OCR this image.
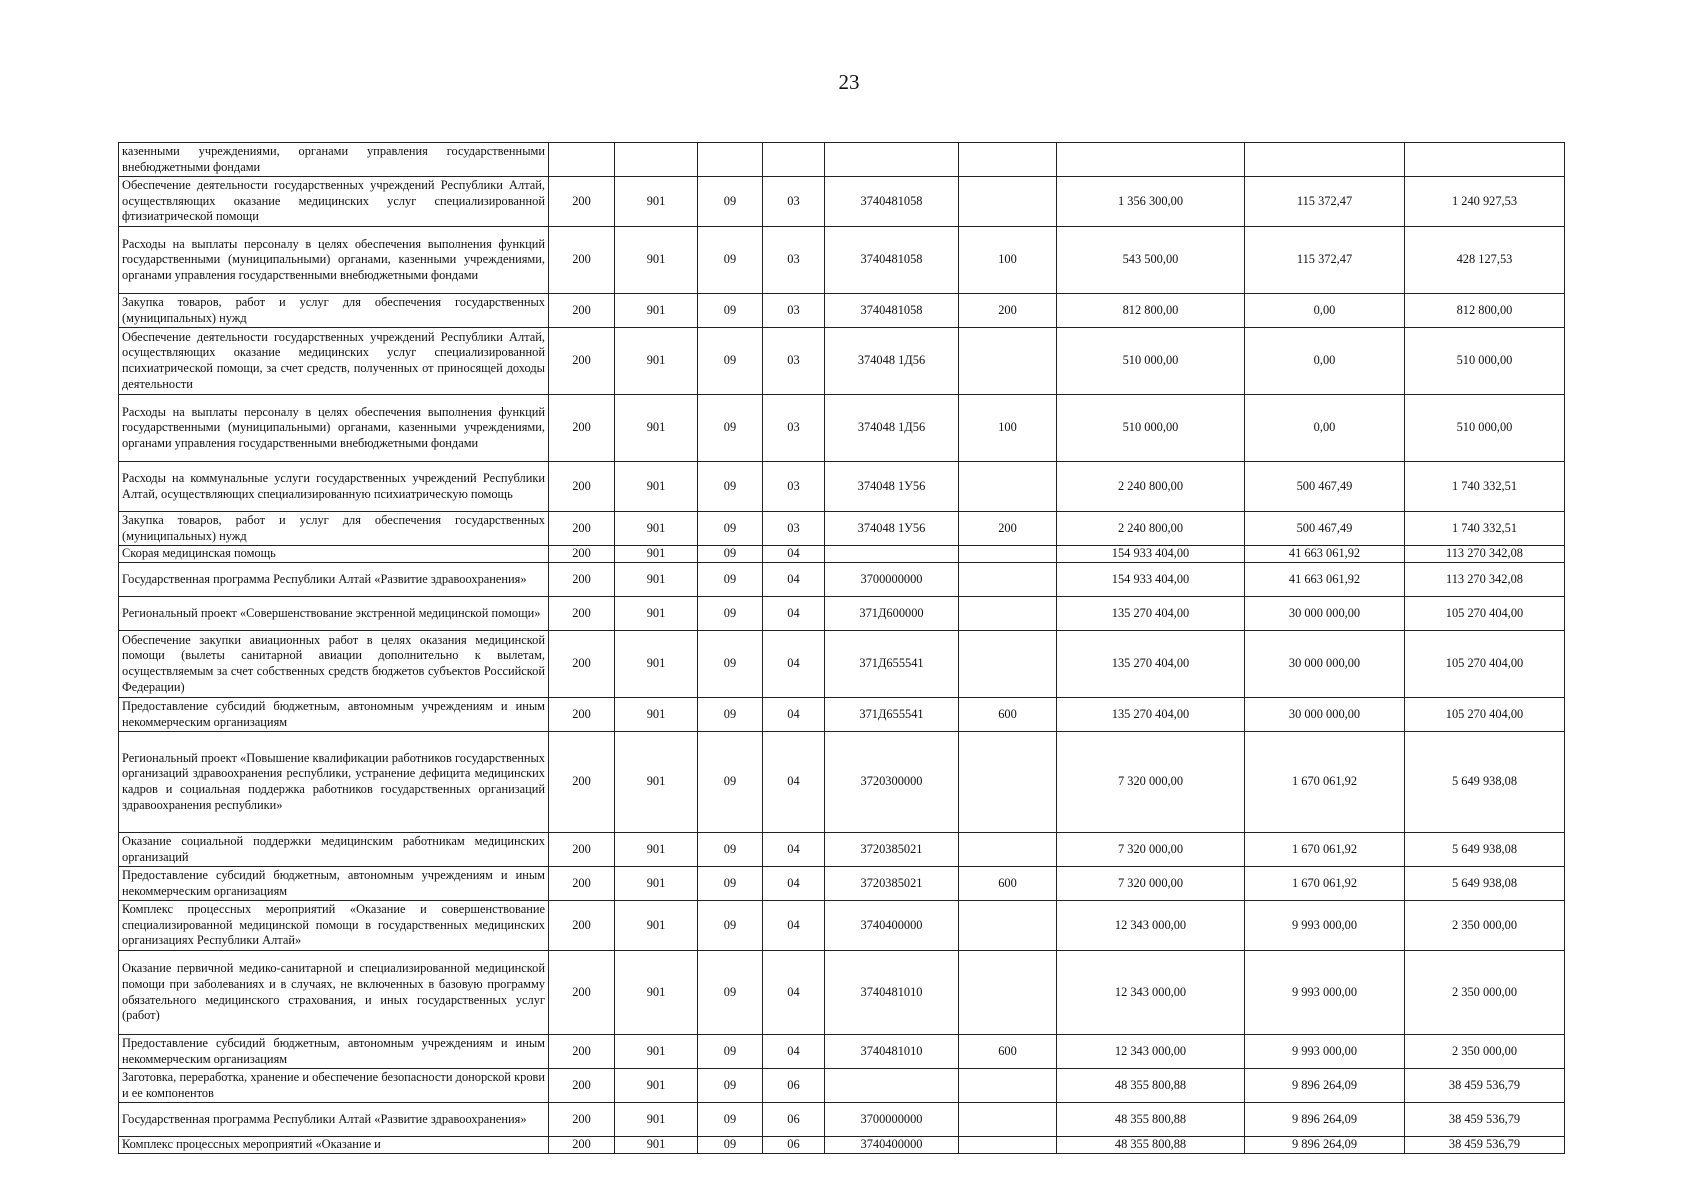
23
казенными учреждениями, органами управления государственными внебюджетными фондами									
Обеспечение деятельности государственных учреждений Республики Алтай, осуществляющих оказание медицинских услуг специализированной фтизиатрической помощи	200	901	09	03	3740481058		1 356 300,00	115 372,47	1 240 927,53
Расходы на выплаты персоналу в целях обеспечения выполнения функций государственными (муниципальными) органами, казенными учреждениями, органами управления государственными внебюджетными фондами	200	901	09	03	3740481058	100	543 500,00	115 372,47	428 127,53
Закупка товаров, работ и услуг для обеспечения государственных (муниципальных) нужд	200	901	09	03	3740481058	200	812 800,00	0,00	812 800,00
Обеспечение деятельности государственных учреждений Республики Алтай, осуществляющих оказание медицинских услуг специализированной психиатрической помощи, за счет средств, полученных от приносящей доходы деятельности	200	901	09	03	374048 1Д56		510 000,00	0,00	510 000,00
Расходы на выплаты персоналу в целях обеспечения выполнения функций государственными (муниципальными) органами, казенными учреждениями, органами управления государственными внебюджетными фондами	200	901	09	03	374048 1Д56	100	510 000,00	0,00	510 000,00
Расходы на коммунальные услуги государственных учреждений Республики Алтай, осуществляющих специализированную психиатрическую помощь	200	901	09	03	374048 1У56		2 240 800,00	500 467,49	1 740 332,51
Закупка товаров, работ и услуг для обеспечения государственных (муниципальных) нужд	200	901	09	03	374048 1У56	200	2 240 800,00	500 467,49	1 740 332,51
Скорая медицинская помощь	200	901	09	04			154 933 404,00	41 663 061,92	113 270 342,08
Государственная программа Республики Алтай «Развитие здравоохранения»	200	901	09	04	3700000000		154 933 404,00	41 663 061,92	113 270 342,08
Региональный проект «Совершенствование экстренной медицинской помощи»	200	901	09	04	371Д600000		135 270 404,00	30 000 000,00	105 270 404,00
Обеспечение закупки авиационных работ в целях оказания медицинской помощи (вылеты санитарной авиации дополнительно к вылетам, осуществляемым за счет собственных средств бюджетов субъектов Российской Федерации)	200	901	09	04	371Д655541		135 270 404,00	30 000 000,00	105 270 404,00
Предоставление субсидий бюджетным, автономным учреждениям и иным некоммерческим организациям	200	901	09	04	371Д655541	600	135 270 404,00	30 000 000,00	105 270 404,00
Региональный проект «Повышение квалификации работников государственных организаций здравоохранения республики, устранение дефицита медицинских кадров и социальная поддержка работников государственных организаций здравоохранения республики»	200	901	09	04	3720300000		7 320 000,00	1 670 061,92	5 649 938,08
Оказание социальной поддержки медицинским работникам медицинских организаций	200	901	09	04	3720385021		7 320 000,00	1 670 061,92	5 649 938,08
Предоставление субсидий бюджетным, автономным учреждениям и иным некоммерческим организациям	200	901	09	04	3720385021	600	7 320 000,00	1 670 061,92	5 649 938,08
Комплекс процессных мероприятий «Оказание и совершенствование специализированной медицинской помощи в государственных медицинских организациях Республики Алтай»	200	901	09	04	3740400000		12 343 000,00	9 993 000,00	2 350 000,00
Оказание первичной медико-санитарной и специализированной медицинской помощи при заболеваниях и в случаях, не включенных в базовую программу обязательного медицинского страхования, и иных государственных услуг (работ)	200	901	09	04	3740481010		12 343 000,00	9 993 000,00	2 350 000,00
Предоставление субсидий бюджетным, автономным учреждениям и иным некоммерческим организациям	200	901	09	04	3740481010	600	12 343 000,00	9 993 000,00	2 350 000,00
Заготовка, переработка, хранение и обеспечение безопасности донорской крови и ее компонентов	200	901	09	06			48 355 800,88	9 896 264,09	38 459 536,79
Государственная программа Республики Алтай «Развитие здравоохранения»	200	901	09	06	3700000000		48 355 800,88	9 896 264,09	38 459 536,79
Комплекс процессных мероприятий «Оказание и	200	901	09	06	3740400000		48 355 800,88	9 896 264,09	38 459 536,79
